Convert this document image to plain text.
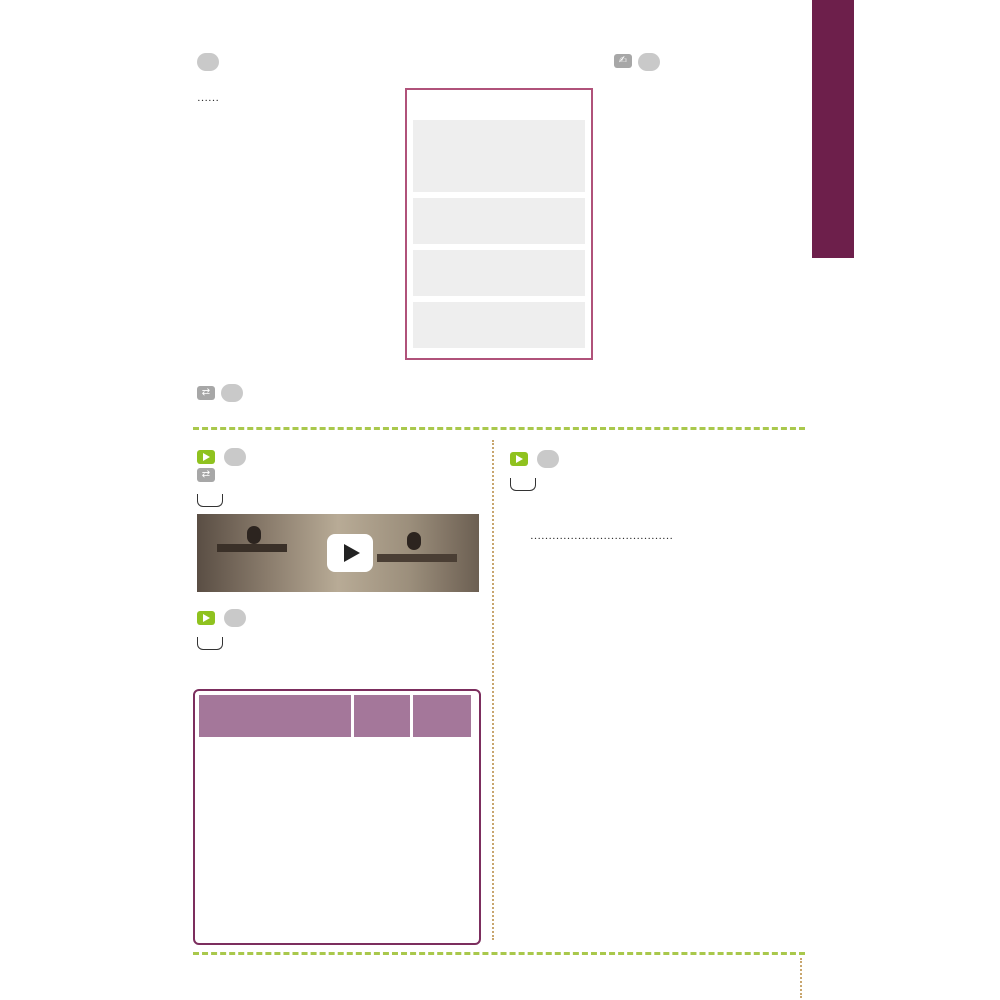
……
✍
⇄
⇄
……………………
……………
